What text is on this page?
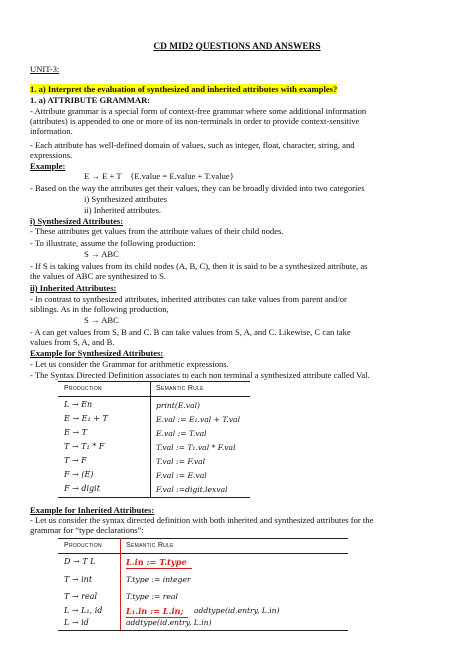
CD MID2 QUESTIONS AND ANSWERS
UNIT-3:
1. a) Interpret the evaluation of synthesized and inherited attributes with examples?
1. a) ATTRIBUTE GRAMMAR:
- Attribute grammar is a special form of context-free grammar where some additional information
(attributes) is appended to one or more of its non-terminals in order to provide context-sensitive
information.
- Each attribute has well-defined domain of values, such as integer, float, character, string, and
expressions.
Example:
E → E + T    {E.value = E.value + T.value}
- Based on the way the attributes get their values, they can be broadly divided into two categories
i) Synthesized attributes
ii) Inherited attributes.
i) Synthesized Attributes:
- These attributes get values from the attribute values of their child nodes.
- To illustrate, assume the following production:
S → ABC
- If S is taking values from its child nodes (A, B, C), then it is said to be a synthesized attribute, as
the values of ABC are synthesized to S.
ii) Inherited Attributes:
- In contrast to synthesized attributes, inherited attributes can take values from parent and/or
siblings. As in the following production,
S → ABC
- A can get values from S, B and C. B can take values from S, A, and C. Likewise, C can take
values from S, A, and B.
Example for Synthesized Attributes:
- Let us consider the Grammar for arithmetic expressions.
- The Syntax Directed Definition associates to each non terminal a synthesized attribute called Val.
Production	Semantic Rule
L → En	print(E.val)
E → E₁ + T	E.val := E₁.val + T.val
E → T	E.val := T.val
T → T₁ * F	T.val := T₁.val * F.val
T → F	T.val := F.val
F → (E)	F.val := E.val
F → digit	F.val :=digit.lexval
Example for Inherited Attributes:
- Let us consider the syntax directed definition with both inherited and synthesized attributes for the
grammar for “type declarations”:
Production	Semantic Rule
D → T L	L.in := T.type
T → int	T.type := integer
T → real	T.type := real
L → L₁, id	L₁.in := L.in; addtype(id.entry, L.in)
L → id	addtype(id.entry, L.in)
